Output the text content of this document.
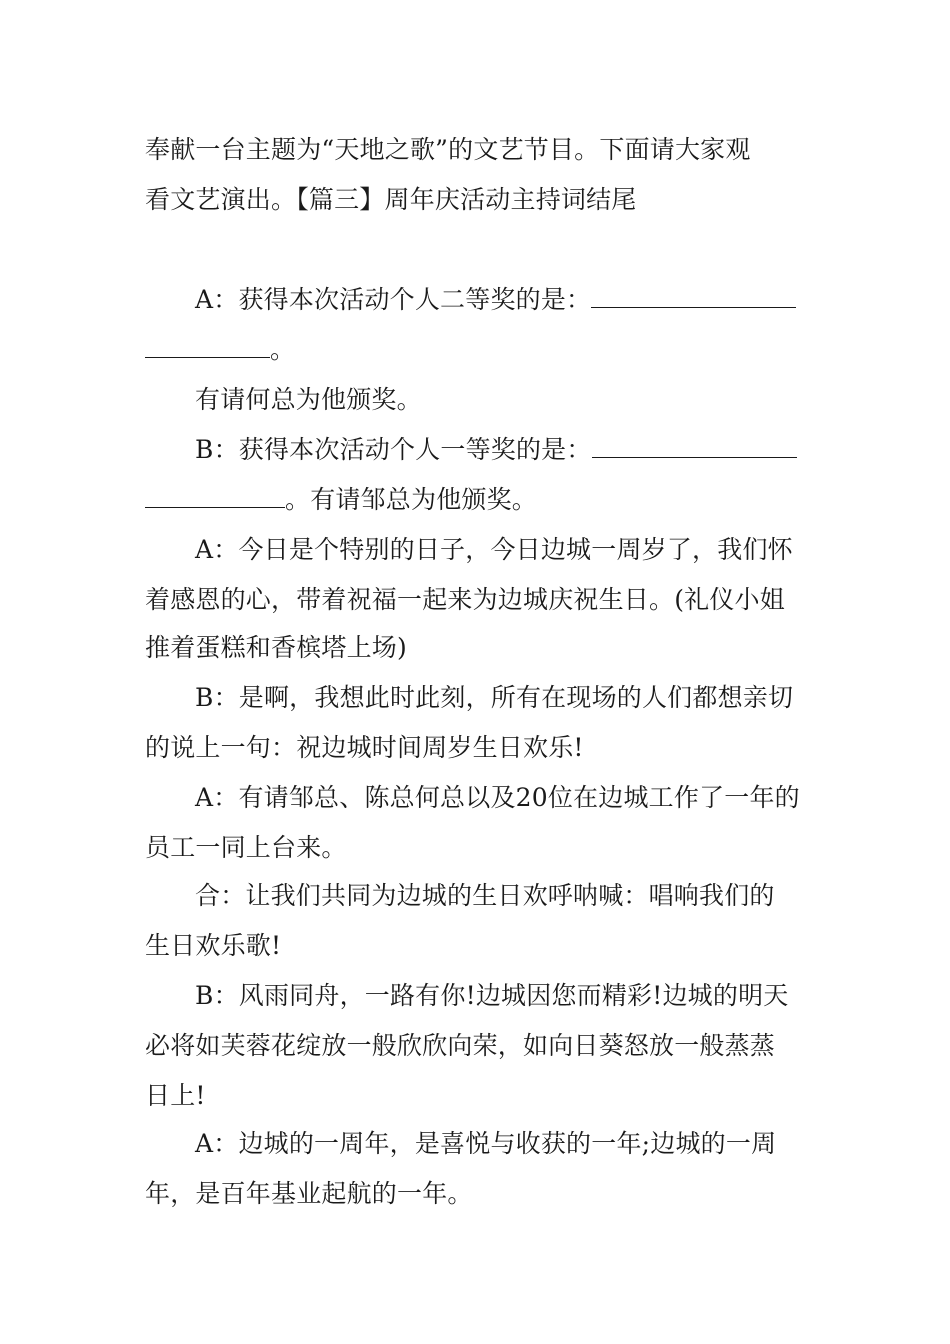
奉献一台主题为“天地之歌”的文艺节目。下面请大家观
看文艺演出。【篇三】周年庆活动主持词结尾
A：获得本次活动个人二等奖的是：
。
有请何总为他颁奖。
B：获得本次活动个人一等奖的是：
。有请邹总为他颁奖。
A：今日是个特别的日子，今日边城一周岁了，我们怀
着感恩的心，带着祝福一起来为边城庆祝生日。(礼仪小姐
推着蛋糕和香槟塔上场)
B：是啊，我想此时此刻，所有在现场的人们都想亲切
的说上一句：祝边城时间周岁生日欢乐!
A：有请邹总、陈总何总以及20位在边城工作了一年的
员工一同上台来。
合：让我们共同为边城的生日欢呼呐喊：唱响我们的
生日欢乐歌!
B：风雨同舟，一路有你!边城因您而精彩!边城的明天
必将如芙蓉花绽放一般欣欣向荣，如向日葵怒放一般蒸蒸
日上!
A：边城的一周年，是喜悦与收获的一年;边城的一周
年，是百年基业起航的一年。
